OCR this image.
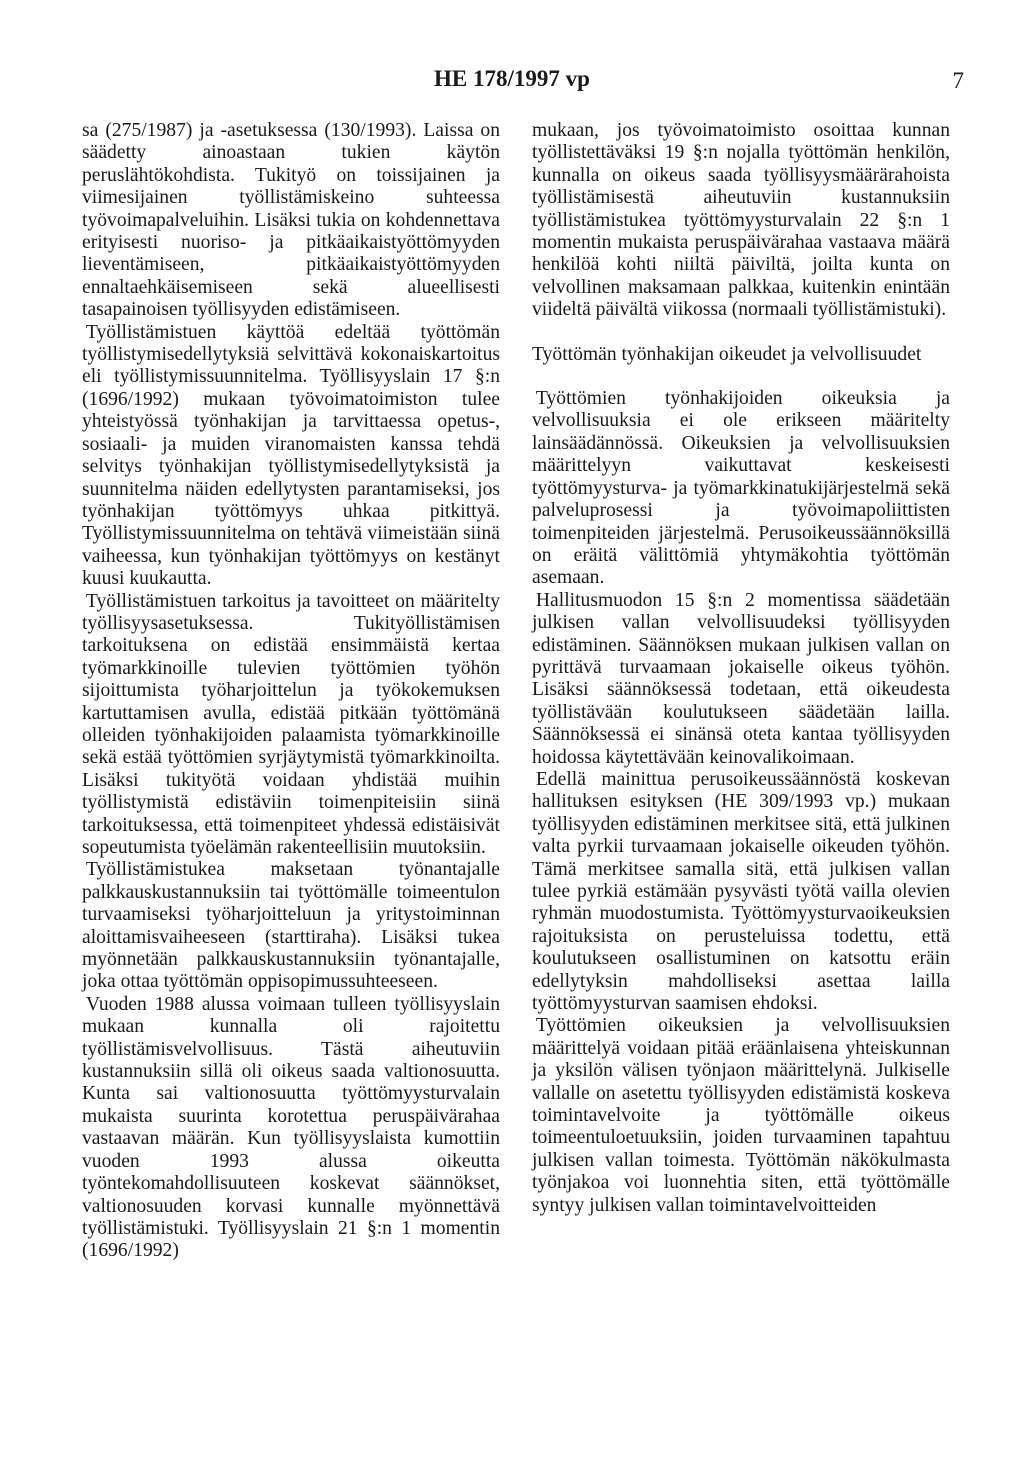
HE 178/1997 vp	7

sa (275/1987) ja -asetuksessa (130/1993). Laissa on säädetty ainoastaan tukien käytön peruslähtökohdista. Tukityö on toissijainen ja viimesijainen työllistämiskeino suhteessa työvoimapalveluihin. Lisäksi tukia on kohdennettava erityisesti nuoriso- ja pitkäaikaistyöttömyyden lieventämiseen, pitkäaikaistyöttömyyden ennaltaehkäisemiseen sekä alueellisesti tasapainoisen työllisyyden edistämiseen.

Työllistämistuen käyttöä edeltää työttömän työllistymisedellytyksiä selvittävä kokonaiskartoitus eli työllistymissuunnitelma. Työllisyyslain 17 §:n (1696/1992) mukaan työvoimatoimiston tulee yhteistyössä työnhakijan ja tarvittaessa opetus-, sosiaali- ja muiden viranomaisten kanssa tehdä selvitys työnhakijan työllistymisedellytyksistä ja suunnitelma näiden edellytysten parantamiseksi, jos työnhakijan työttömyys uhkaa pitkittyä. Työllistymissuunnitelma on tehtävä viimeistään siinä vaiheessa, kun työnhakijan työttömyys on kestänyt kuusi kuukautta.

Työllistämistuen tarkoitus ja tavoitteet on määritelty työllisyysasetuksessa. Tukityöllistämisen tarkoituksena on edistää ensimmäistä kertaa työmarkkinoille tulevien työttömien työhön sijoittumista työharjoittelun ja työkokemuksen kartuttamisen avulla, edistää pitkään työttömänä olleiden työnhakijoiden palaamista työmarkkinoille sekä estää työttömien syrjäytymistä työmarkkinoilta. Lisäksi tukityötä voidaan yhdistää muihin työllistymistä edistäviin toimenpiteisiin siinä tarkoituksessa, että toimenpiteet yhdessä edistäisivät sopeutumista työelämän rakenteellisiin muutoksiin.

Työllistämistukea maksetaan työnantajalle palkkauskustannuksiin tai työttömälle toimeentulon turvaamiseksi työharjoitteluun ja yritystoiminnan aloittamisvaiheeseen (starttiraha). Lisäksi tukea myönnetään palkkauskustannuksiin työnantajalle, joka ottaa työttömän oppisopimussuhteeseen.

Vuoden 1988 alussa voimaan tulleen työllisyyslain mukaan kunnalla oli rajoitettu työllistämisvelvollisuus. Tästä aiheutuviin kustannuksiin sillä oli oikeus saada valtionosuutta. Kunta sai valtionosuutta työttömyysturvalain mukaista suurinta korotettua peruspäivärahaa vastaavan määrän. Kun työllisyyslaista kumottiin vuoden 1993 alussa oikeutta työntekomahdollisuuteen koskevat säännökset, valtionosuuden korvasi kunnalle myönnettävä työllistämistuki. Työllisyyslain 21 §:n 1 momentin (1696/1992)

mukaan, jos työvoimatoimisto osoittaa kunnan työllistettäväksi 19 §:n nojalla työttömän henkilön, kunnalla on oikeus saada työllisyysmäärärahoista työllistämisestä aiheutuviin kustannuksiin työllistämistukea työttömyysturvalain 22 §:n 1 momentin mukaista peruspäivärahaa vastaava määrä henkilöä kohti niiltä päiviltä, joilta kunta on velvollinen maksamaan palkkaa, kuitenkin enintään viideltä päivältä viikossa (normaali työllistämistuki).

Työttömän työnhakijan oikeudet ja velvollisuudet

Työttömien työnhakijoiden oikeuksia ja velvollisuuksia ei ole erikseen määritelty lainsäädännössä. Oikeuksien ja velvollisuuksien määrittelyyn vaikuttavat keskeisesti työttömyysturva- ja työmarkkinatukijärjestelmä sekä palveluprosessi ja työvoimapoliittisten toimenpiteiden järjestelmä. Perusoikeussäännöksillä on eräitä välittömiä yhtymäkohtia työttömän asemaan.

Hallitusmuodon 15 §:n 2 momentissa säädetään julkisen vallan velvollisuudeksi työllisyyden edistäminen. Säännöksen mukaan julkisen vallan on pyrittävä turvaamaan jokaiselle oikeus työhön. Lisäksi säännöksessä todetaan, että oikeudesta työllistävään koulutukseen säädetään lailla. Säännöksessä ei sinänsä oteta kantaa työllisyyden hoidossa käytettävään keinovalikoimaan.

Edellä mainittua perusoikeussäännöstä koskevan hallituksen esityksen (HE 309/1993 vp.) mukaan työllisyyden edistäminen merkitsee sitä, että julkinen valta pyrkii turvaamaan jokaiselle oikeuden työhön. Tämä merkitsee samalla sitä, että julkisen vallan tulee pyrkiä estämään pysyvästi työtä vailla olevien ryhmän muodostumista. Työttömyysturvaoikeuksien rajoituksista on perusteluissa todettu, että koulutukseen osallistuminen on katsottu eräin edellytyksin mahdolliseksi asettaa laillа työttömyysturvan saamisen ehdoksi.

Työttömien oikeuksien ja velvollisuuksien määrittelyä voidaan pitää eräänlaisena yhteiskunnan ja yksilön välisen työnjaon määrittelynä. Julkiselle vallalle on asetettu työllisyyden edistämistä koskeva toimintavelvoite ja työttömälle oikeus toimeentuloetuuksiin, joiden turvaaminen tapahtuu julkisen vallan toimesta. Työttömän näkökulmasta työnjakoa voi luonnehtia siten, että työttömälle syntyy julkisen vallan toimintavelvoitteiden
